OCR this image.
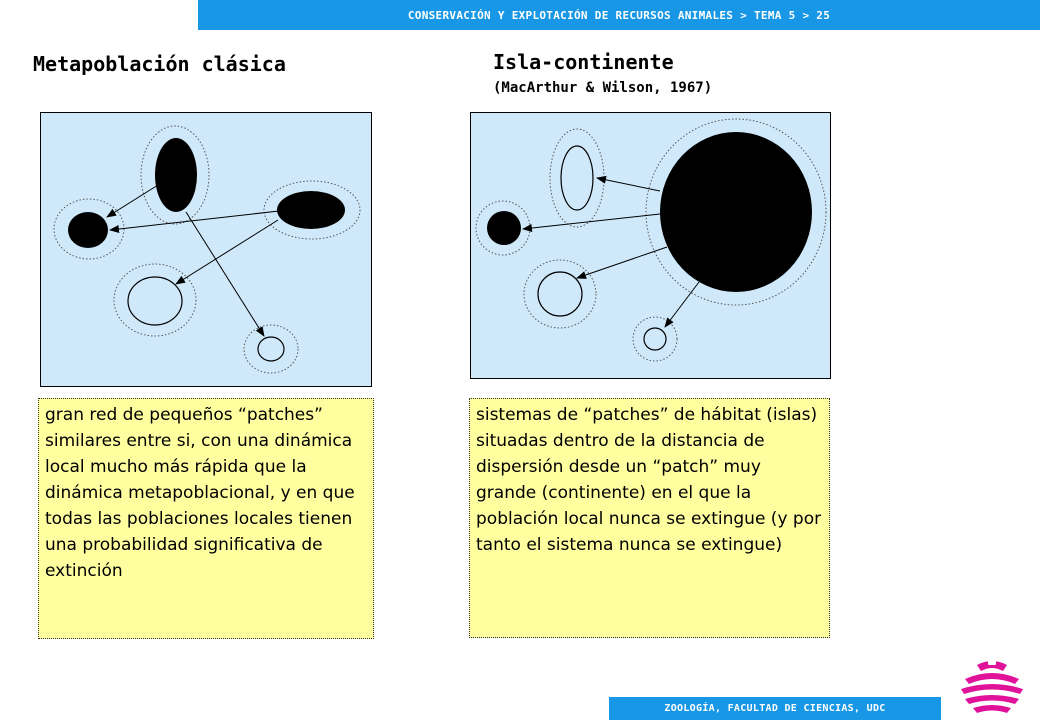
CONSERVACIÓN Y EXPLOTACIÓN DE RECURSOS ANIMALES > TEMA 5 > 25
Metapoblación clásica	Isla-continente
(MacArthur & Wilson, 1967)
gran red de pequeños “patches” similares entre si, con una dinámica local mucho más rápida que la dinámica metapoblacional, y en que todas las poblaciones locales tienen una probabilidad significativa de extinción
sistemas de “patches” de hábitat (islas) situadas dentro de la distancia de dispersión desde un “patch” muy grande (continente) en el que la población local nunca se extingue (y por tanto el sistema nunca se extingue)
ZOOLOGÍA, FACULTAD DE CIENCIAS, UDC
